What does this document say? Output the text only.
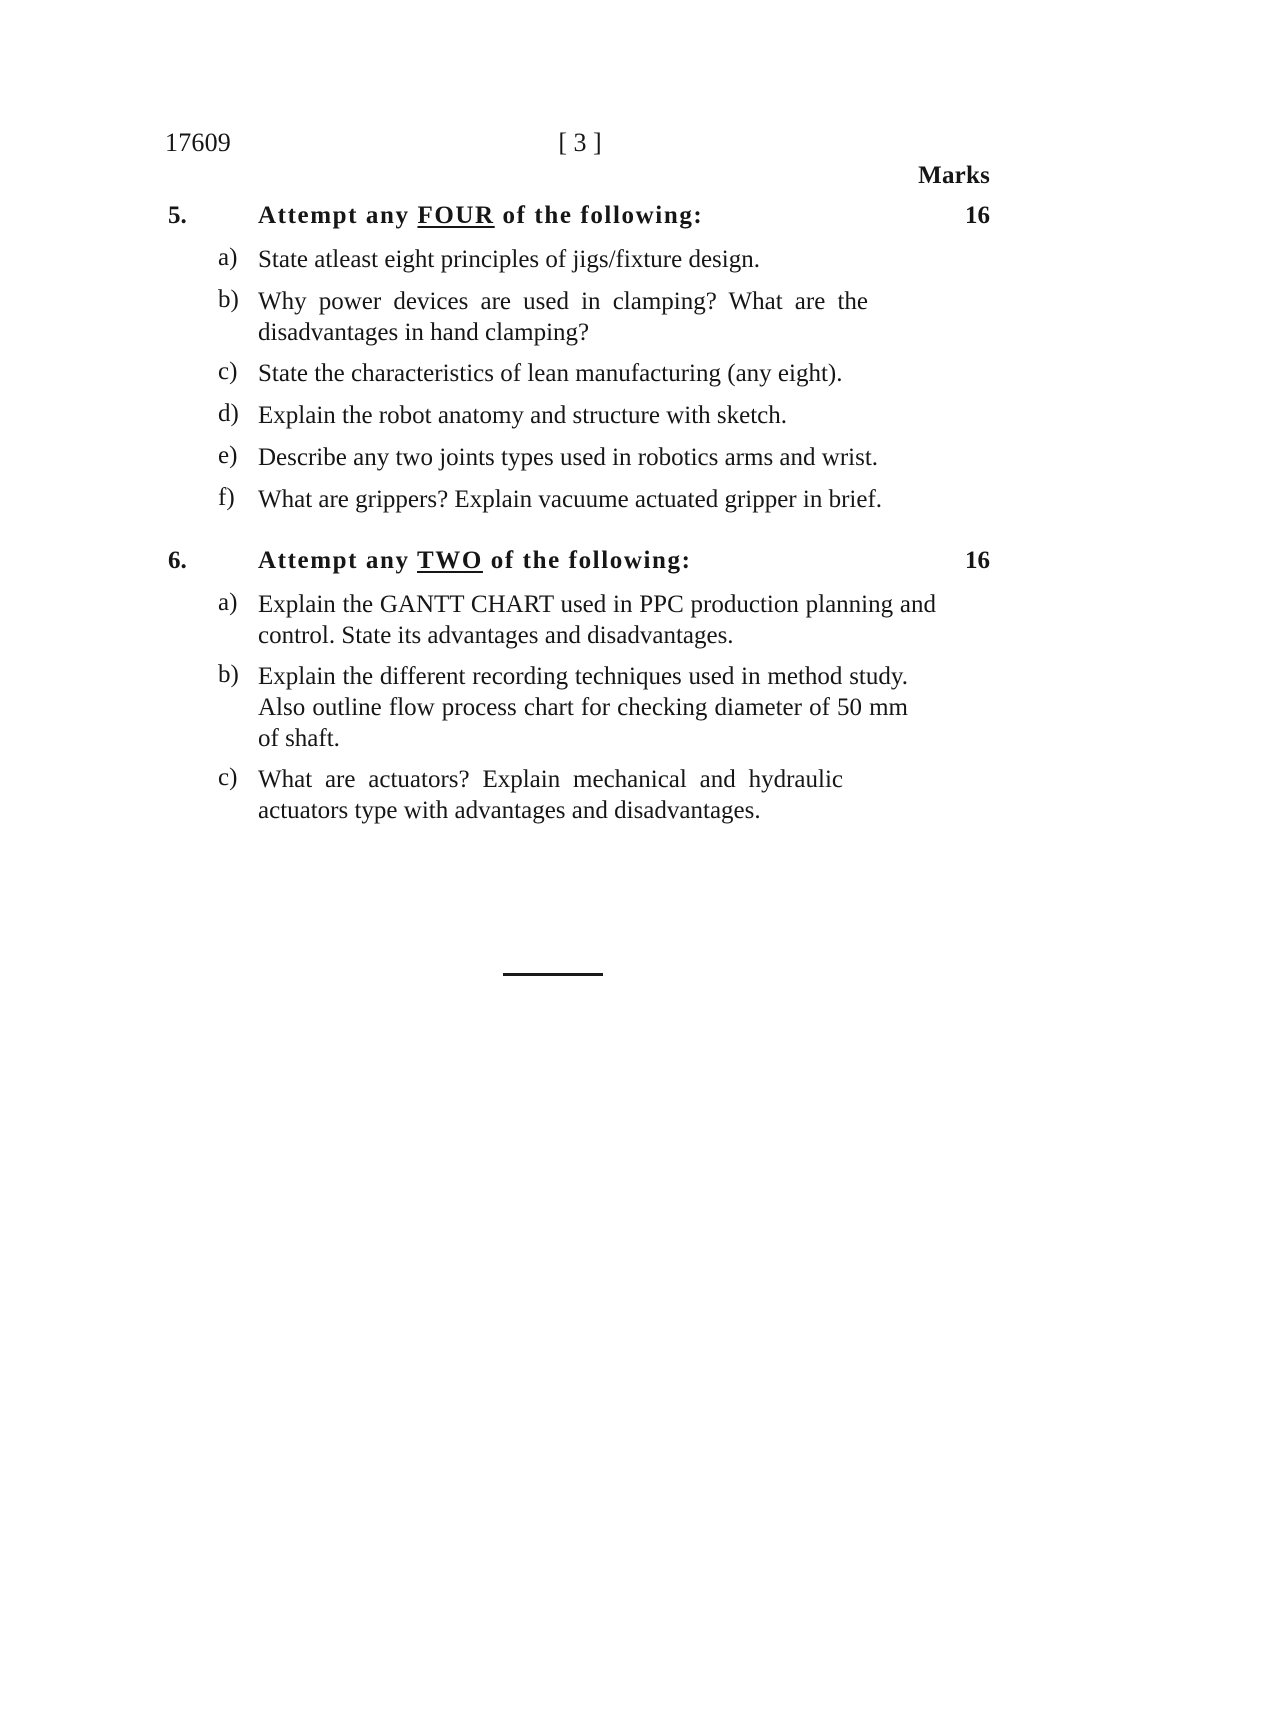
17609	[ 3 ]
Marks
5.	Attempt any FOUR of the following:	16
a) State atleast eight principles of jigs/fixture design.
b) Why power devices are used in clamping? What are the disadvantages in hand clamping?
c) State the characteristics of lean manufacturing (any eight).
d) Explain the robot anatomy and structure with sketch.
e) Describe any two joints types used in robotics arms and wrist.
f) What are grippers? Explain vacuume actuated gripper in brief.
6.	Attempt any TWO of the following:	16
a) Explain the GANTT CHART used in PPC production planning and control. State its advantages and disadvantages.
b) Explain the different recording techniques used in method study. Also outline flow process chart for checking diameter of 50 mm of shaft.
c) What are actuators? Explain mechanical and hydraulic actuators type with advantages and disadvantages.
